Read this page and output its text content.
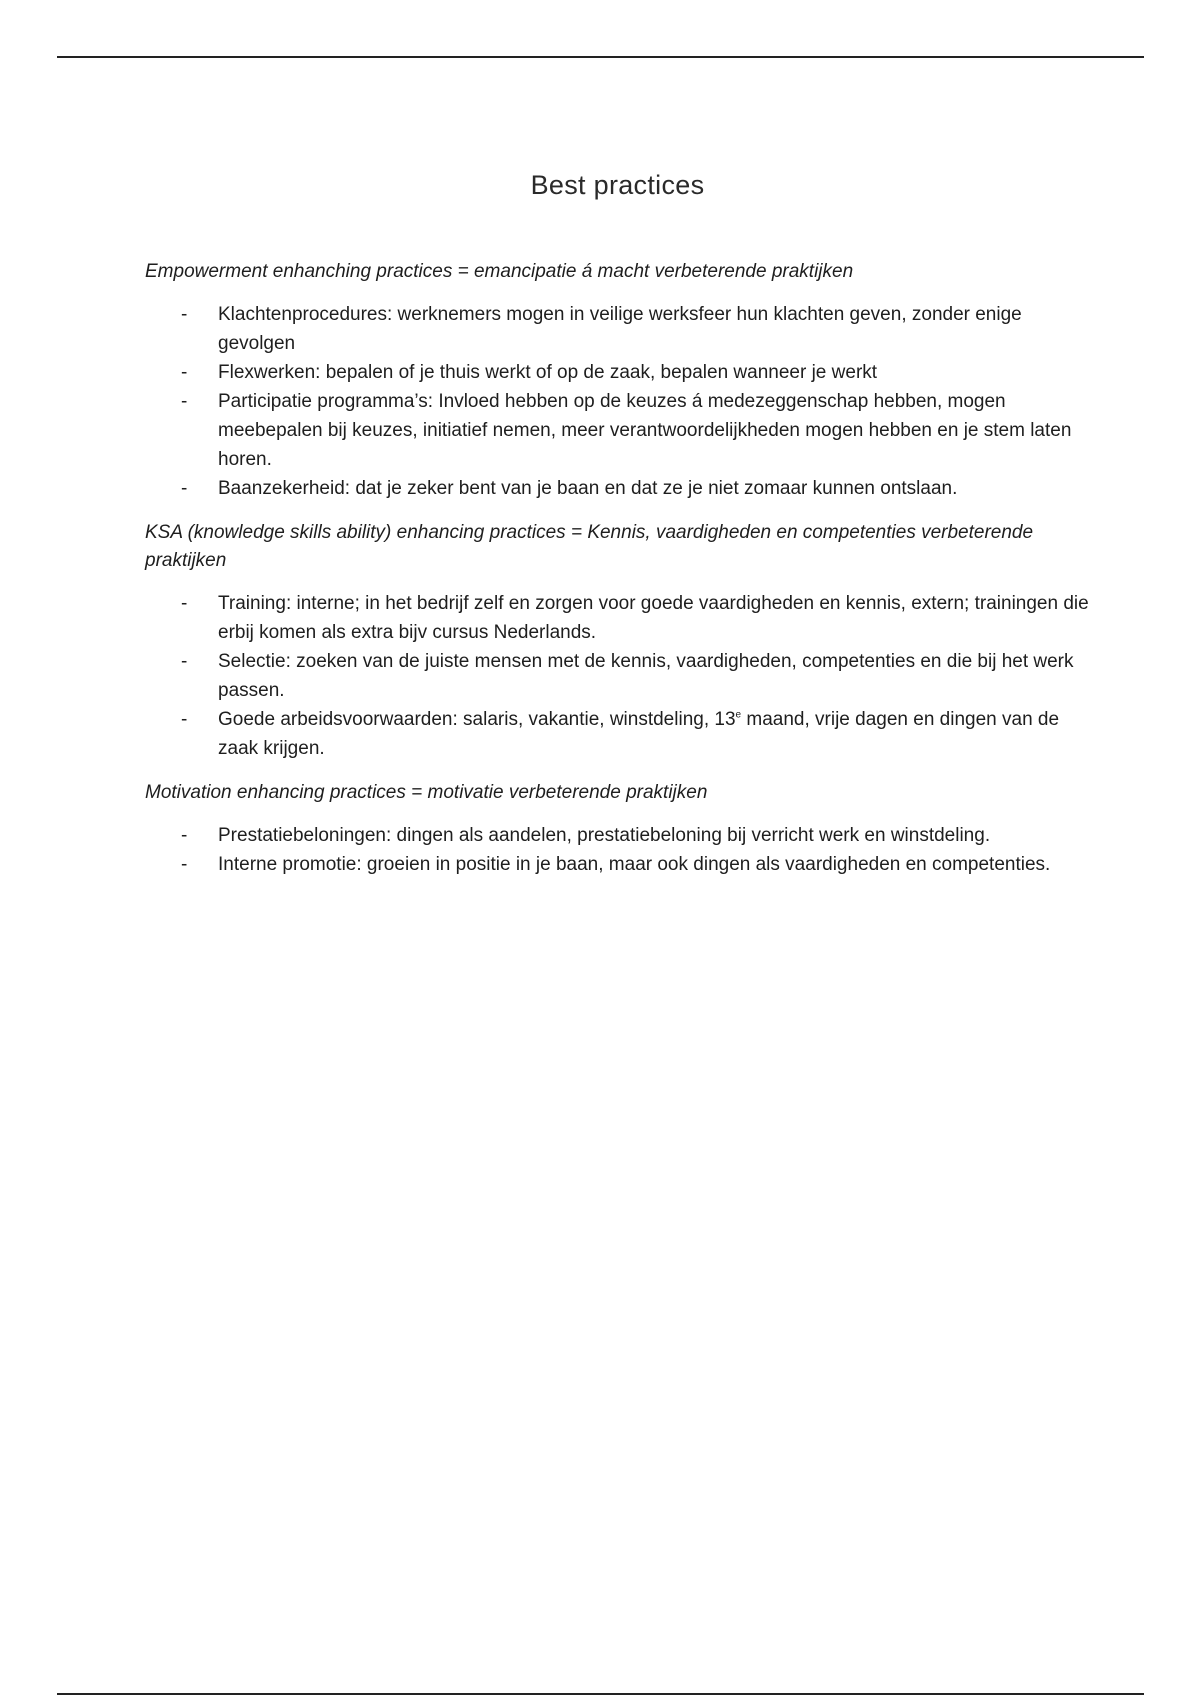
Best practices

Empowerment enhanching practices = emancipatie á macht verbeterende praktijken

- Klachtenprocedures: werknemers mogen in veilige werksfeer hun klachten geven, zonder enige gevolgen
- Flexwerken: bepalen of je thuis werkt of op de zaak, bepalen wanneer je werkt
- Participatie programma’s: Invloed hebben op de keuzes á medezeggenschap hebben, mogen meebepalen bij keuzes, initiatief nemen, meer verantwoordelijkheden mogen hebben en je stem laten horen.
- Baanzekerheid: dat je zeker bent van je baan en dat ze je niet zomaar kunnen ontslaan.

KSA (knowledge skills ability) enhancing practices = Kennis, vaardigheden en competenties verbeterende praktijken

- Training: interne; in het bedrijf zelf en zorgen voor goede vaardigheden en kennis, extern; trainingen die erbij komen als extra bijv cursus Nederlands.
- Selectie: zoeken van de juiste mensen met de kennis, vaardigheden, competenties en die bij het werk passen.
- Goede arbeidsvoorwaarden: salaris, vakantie, winstdeling, 13e maand, vrije dagen en dingen van de zaak krijgen.

Motivation enhancing practices = motivatie verbeterende praktijken

- Prestatiebeloningen: dingen als aandelen, prestatiebeloning bij verricht werk en winstdeling.
- Interne promotie: groeien in positie in je baan, maar ook dingen als vaardigheden en competenties.
